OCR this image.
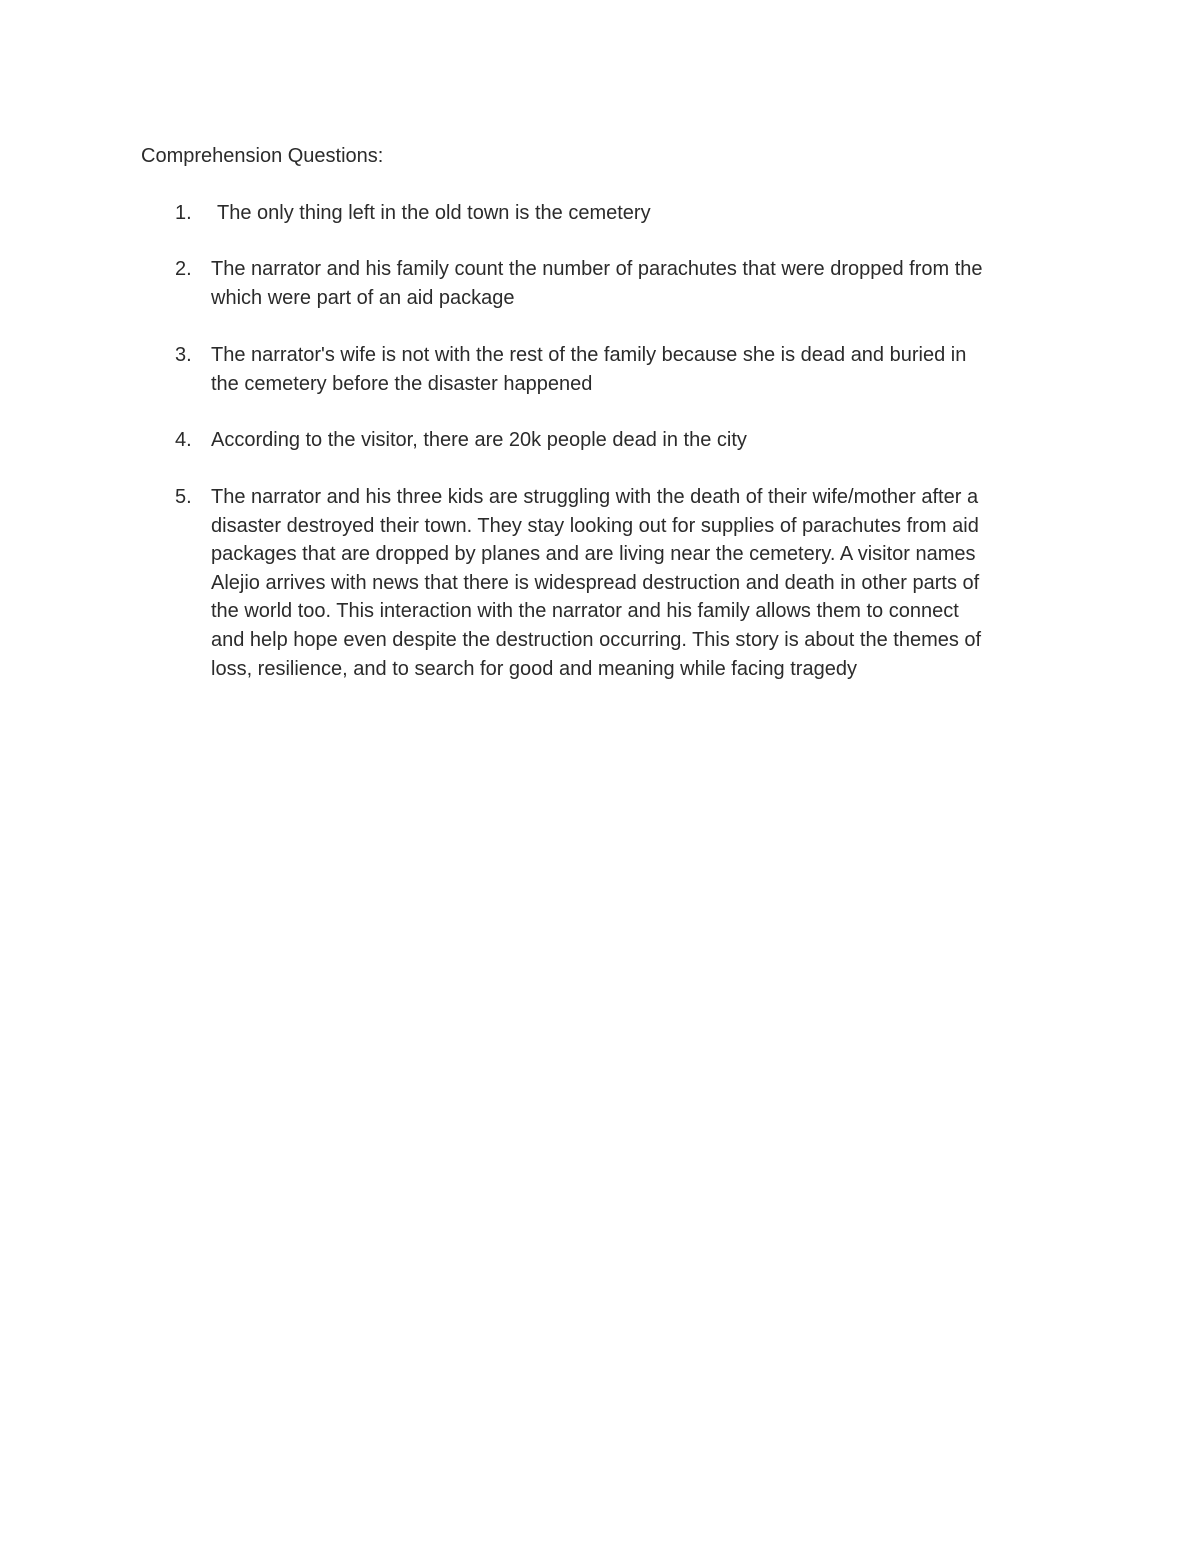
Comprehension Questions:
1. The only thing left in the old town is the cemetery
2. The narrator and his family count the number of parachutes that were dropped from the
which were part of an aid package
3. The narrator's wife is not with the rest of the family because she is dead and buried in
the cemetery before the disaster happened
4. According to the visitor, there are 20k people dead in the city
5. The narrator and his three kids are struggling with the death of their wife/mother after a
disaster destroyed their town. They stay looking out for supplies of parachutes from aid
packages that are dropped by planes and are living near the cemetery. A visitor names
Alejio arrives with news that there is widespread destruction and death in other parts of
the world too. This interaction with the narrator and his family allows them to connect
and help hope even despite the destruction occurring. This story is about the themes of
loss, resilience, and to search for good and meaning while facing tragedy
